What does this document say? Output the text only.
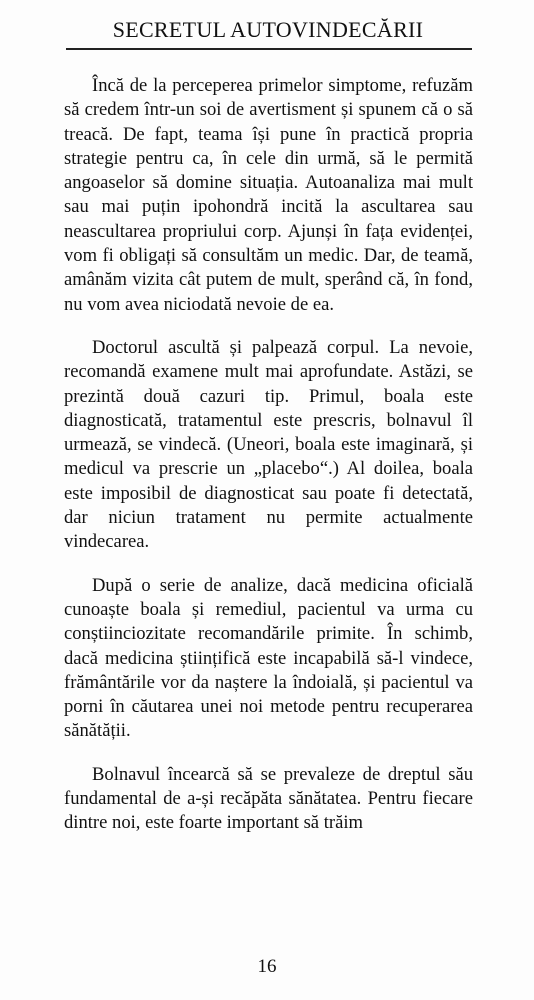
SECRETUL AUTOVINDECĂRII

Încă de la perceperea primelor simptome, refuzăm să credem într-un soi de avertisment și spunem că o să treacă. De fapt, teama își pune în practică propria strategie pentru ca, în cele din urmă, să le permită angoaselor să domine situația. Autoanaliza mai mult sau mai puțin ipohondră incită la ascultarea sau neascultarea propriului corp. Ajunși în fața evidenței, vom fi obligați să consultăm un medic. Dar, de teamă, amânăm vizita cât putem de mult, sperând că, în fond, nu vom avea niciodată nevoie de ea.

Doctorul ascultă și palpează corpul. La nevoie, recomandă examene mult mai aprofundate. Astăzi, se prezintă două cazuri tip. Primul, boala este diagnosticată, tratamentul este prescris, bolnavul îl urmează, se vindecă. (Uneori, boala este imaginară, și medicul va prescrie un „placebo“.) Al doilea, boala este imposibil de diagnosticat sau poate fi detectată, dar niciun tratament nu permite actualmente vindecarea.

După o serie de analize, dacă medicina oficială cunoaște boala și remediul, pacientul va urma cu conștiinciozitate recomandările primite. În schimb, dacă medicina științifică este incapabilă să-l vindece, frământările vor da naștere la îndoială, și pacientul va porni în căutarea unei noi metode pentru recuperarea sănătății.

Bolnavul încearcă să se prevaleze de dreptul său fundamental de a-și recăpăta sănătatea. Pentru fiecare dintre noi, este foarte important să trăim

16
